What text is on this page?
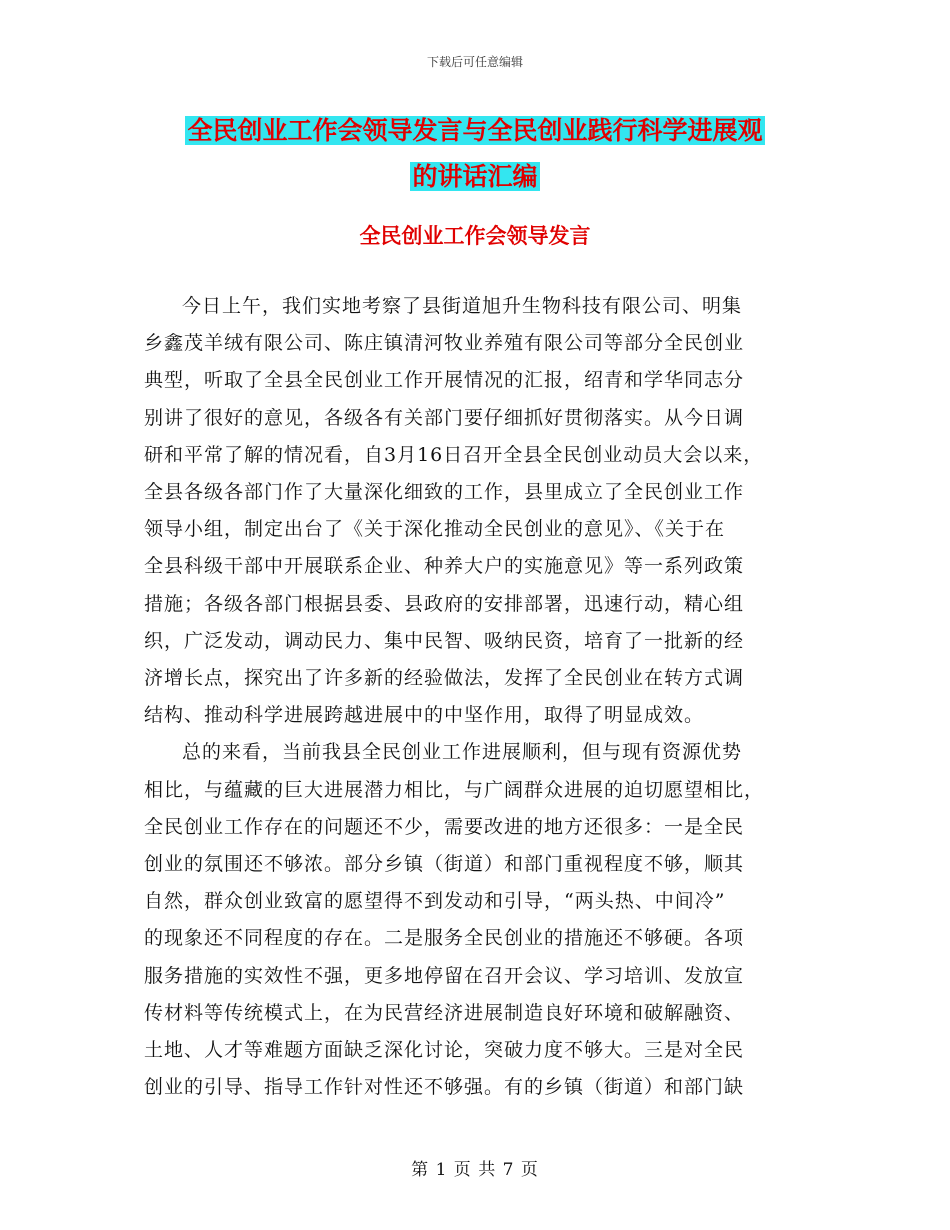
下载后可任意编辑
全民创业工作会领导发言与全民创业践行科学进展观
的讲话汇编
全民创业工作会领导发言

今日上午，我们实地考察了县街道旭升生物科技有限公司、明集
乡鑫茂羊绒有限公司、陈庄镇清河牧业养殖有限公司等部分全民创业
典型，听取了全县全民创业工作开展情况的汇报，绍青和学华同志分
别讲了很好的意见，各级各有关部门要仔细抓好贯彻落实。从今日调
研和平常了解的情况看，自3月16日召开全县全民创业动员大会以来，
全县各级各部门作了大量深化细致的工作，县里成立了全民创业工作
领导小组，制定出台了《关于深化推动全民创业的意见》、《关于在
全县科级干部中开展联系企业、种养大户的实施意见》等一系列政策
措施；各级各部门根据县委、县政府的安排部署，迅速行动，精心组
织，广泛发动，调动民力、集中民智、吸纳民资，培育了一批新的经
济增长点，探究出了许多新的经验做法，发挥了全民创业在转方式调
结构、推动科学进展跨越进展中的中坚作用，取得了明显成效。

总的来看，当前我县全民创业工作进展顺利，但与现有资源优势
相比，与蕴藏的巨大进展潜力相比，与广阔群众进展的迫切愿望相比，
全民创业工作存在的问题还不少，需要改进的地方还很多：一是全民
创业的氛围还不够浓。部分乡镇（街道）和部门重视程度不够，顺其
自然，群众创业致富的愿望得不到发动和引导，“两头热、中间冷”
的现象还不同程度的存在。二是服务全民创业的措施还不够硬。各项
服务措施的实效性不强，更多地停留在召开会议、学习培训、发放宣
传材料等传统模式上，在为民营经济进展制造良好环境和破解融资、
土地、人才等难题方面缺乏深化讨论，突破力度不够大。三是对全民
创业的引导、指导工作针对性还不够强。有的乡镇（街道）和部门缺

第 1 页 共 7 页
